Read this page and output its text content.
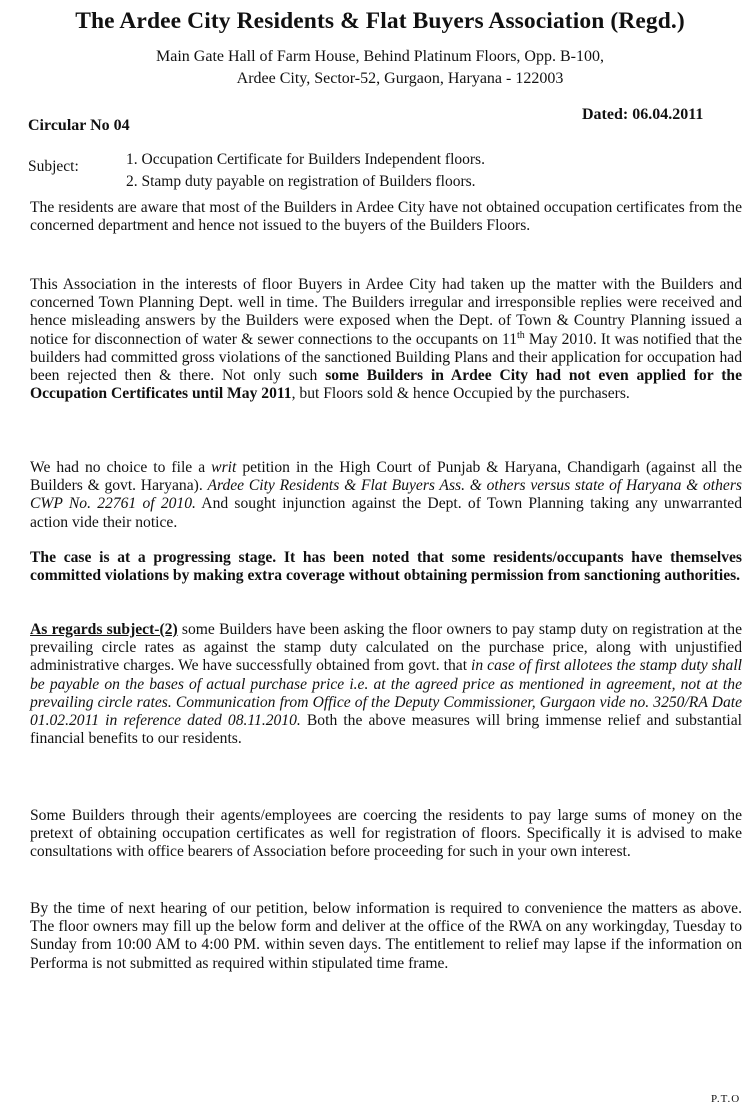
The Ardee City Residents & Flat Buyers Association (Regd.)
Main Gate Hall of Farm House, Behind Platinum Floors, Opp. B-100,
Ardee City, Sector-52, Gurgaon, Haryana - 122003
Circular No 04
Dated: 06.04.2011
Subject:	1. Occupation Certificate for Builders Independent floors.
2. Stamp duty payable on registration of Builders floors.

The residents are aware that most of the Builders in Ardee City have not obtained occupation certificates from the concerned department and hence not issued to the buyers of the Builders Floors.

This Association in the interests of floor Buyers in Ardee City had taken up the matter with the Builders and concerned Town Planning Dept. well in time. The Builders irregular and irresponsible replies were received and hence misleading answers by the Builders were exposed when the Dept. of Town & Country Planning issued a notice for disconnection of water & sewer connections to the occupants on 11th May 2010. It was notified that the builders had committed gross violations of the sanctioned Building Plans and their application for occupation had been rejected then & there. Not only such some Builders in Ardee City had not even applied for the Occupation Certificates until May 2011, but Floors sold & hence Occupied by the purchasers.

We had no choice to file a writ petition in the High Court of Punjab & Haryana, Chandigarh (against all the Builders & govt. Haryana). Ardee City Residents & Flat Buyers Ass. & others versus state of Haryana & others CWP No. 22761 of 2010. And sought injunction against the Dept. of Town Planning taking any unwarranted action vide their notice.

The case is at a progressing stage. It has been noted that some residents/occupants have themselves committed violations by making extra coverage without obtaining permission from sanctioning authorities.

As regards subject-(2) some Builders have been asking the floor owners to pay stamp duty on registration at the prevailing circle rates as against the stamp duty calculated on the purchase price, along with unjustified administrative charges. We have successfully obtained from govt. that in case of first allotees the stamp duty shall be payable on the bases of actual purchase price i.e. at the agreed price as mentioned in agreement, not at the prevailing circle rates. Communication from Office of the Deputy Commissioner, Gurgaon vide no. 3250/RA Date 01.02.2011 in reference dated 08.11.2010. Both the above measures will bring immense relief and substantial financial benefits to our residents.

Some Builders through their agents/employees are coercing the residents to pay large sums of money on the pretext of obtaining occupation certificates as well for registration of floors. Specifically it is advised to make consultations with office bearers of Association before proceeding for such in your own interest.

By the time of next hearing of our petition, below information is required to convenience the matters as above. The floor owners may fill up the below form and deliver at the office of the RWA on any workingday, Tuesday to Sunday from 10:00 AM to 4:00 PM. within seven days. The entitlement to relief may lapse if the information on Performa is not submitted as required within stipulated time frame.

P.T.O
